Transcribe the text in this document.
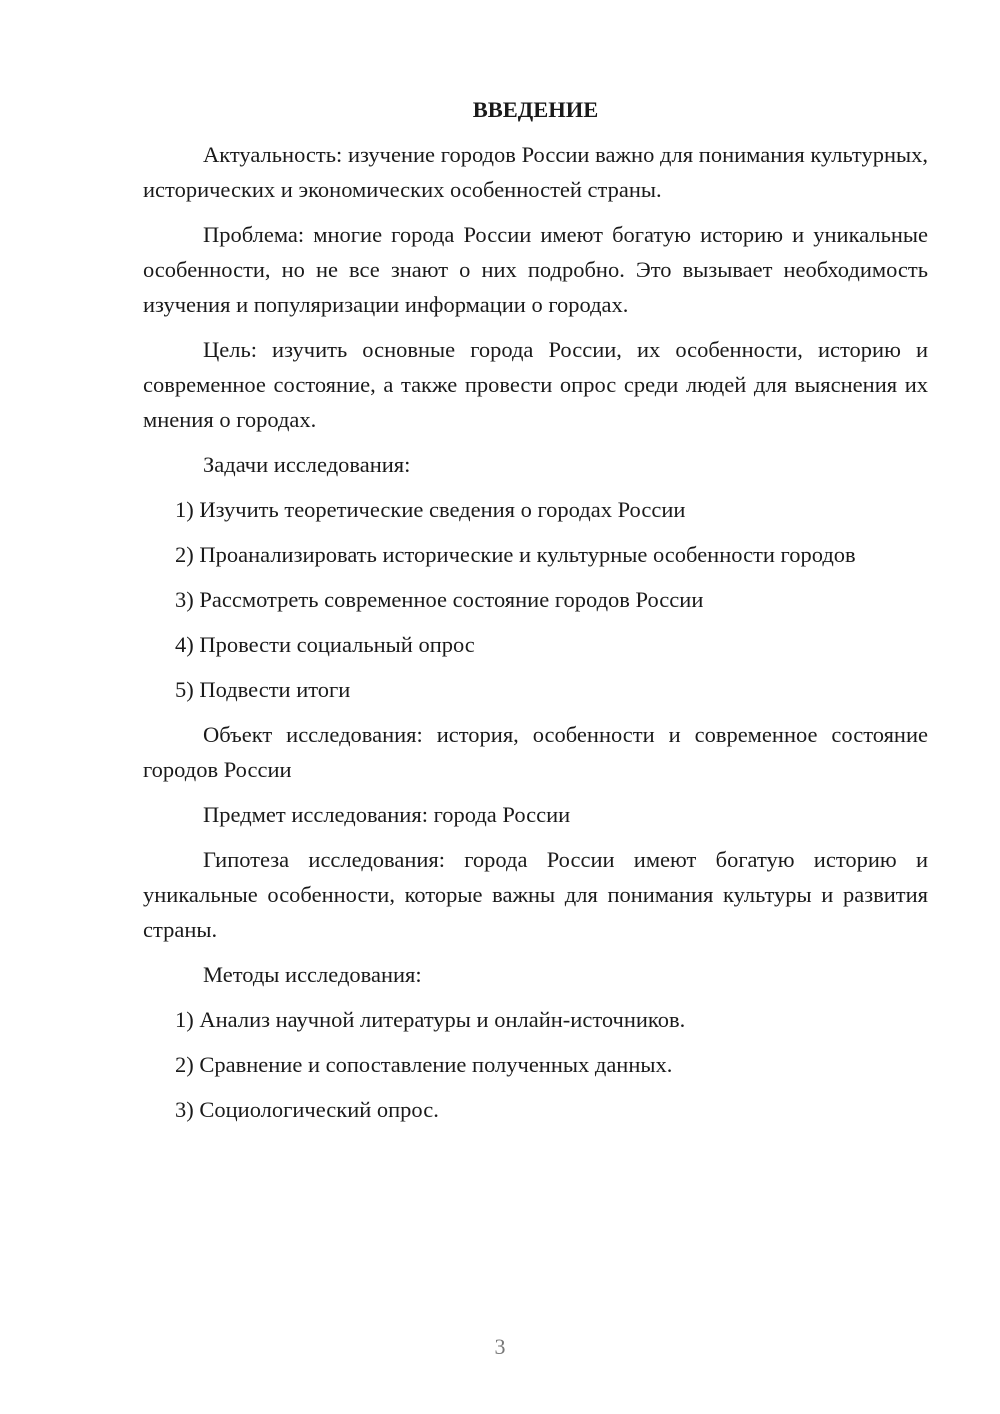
ВВЕДЕНИЕ

Актуальность: изучение городов России важно для понимания культурных, исторических и экономических особенностей страны.

Проблема: многие города России имеют богатую историю и уникальные особенности, но не все знают о них подробно. Это вызывает необходимость изучения и популяризации информации о городах.

Цель: изучить основные города России, их особенности, историю и современное состояние, а также провести опрос среди людей для выяснения их мнения о городах.

Задачи исследования:

1) Изучить теоретические сведения о городах России

2) Проанализировать исторические и культурные особенности городов

3) Рассмотреть современное состояние городов России

4) Провести социальный опрос

5) Подвести итоги

Объект исследования: история, особенности и современное состояние городов России

Предмет исследования: города России

Гипотеза исследования: города России имеют богатую историю и уникальные особенности, которые важны для понимания культуры и развития страны.

Методы исследования:

1) Анализ научной литературы и онлайн-источников.

2) Сравнение и сопоставление полученных данных.

3) Социологический опрос.

3
